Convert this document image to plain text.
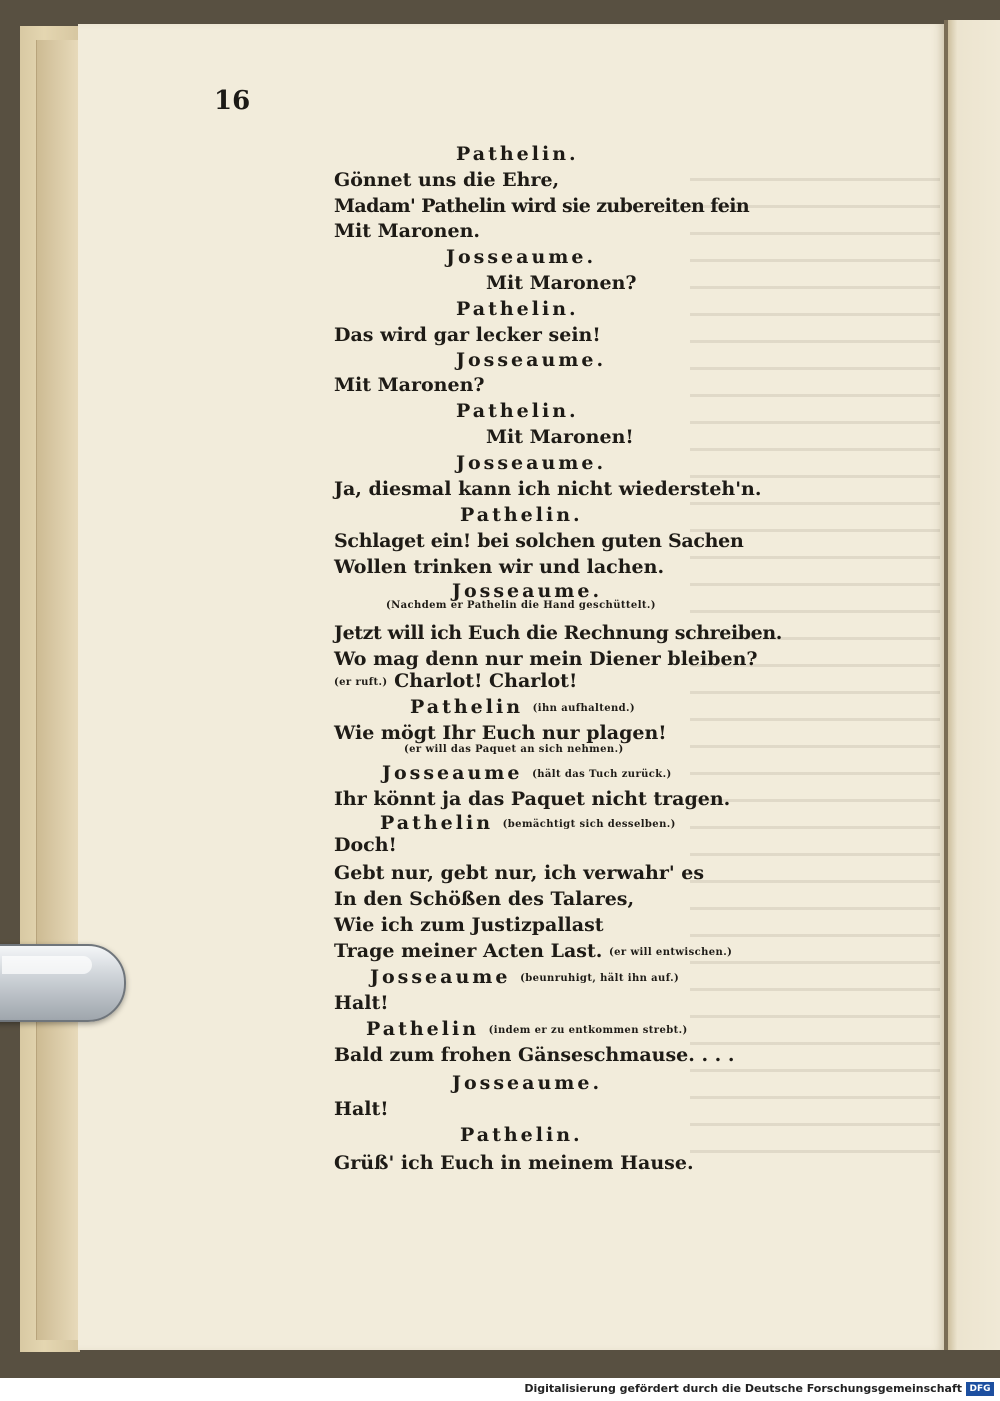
16
Pathelin.
Gönnet uns die Ehre,
Madam' Pathelin wird sie zubereiten fein
Mit Maronen.
Josseaume.
Mit Maronen?
Pathelin.
Das wird gar lecker sein!
Josseaume.
Mit Maronen?
Pathelin.
Mit Maronen!
Josseaume.
Ja, diesmal kann ich nicht wiedersteh'n.
Pathelin.
Schlaget ein! bei solchen guten Sachen
Wollen trinken wir und lachen.
Josseaume.
(Nachdem er Pathelin die Hand geschüttelt.)
Jetzt will ich Euch die Rechnung schreiben.
Wo mag denn nur mein Diener bleiben?
(er ruft.) Charlot! Charlot!
Pathelin (ihn aufhaltend.)
Wie mögt Ihr Euch nur plagen!
(er will das Paquet an sich nehmen.)
Josseaume (hält das Tuch zurück.)
Ihr könnt ja das Paquet nicht tragen.
Pathelin (bemächtigt sich desselben.)
Doch!
Gebt nur, gebt nur, ich verwahr' es
In den Schößen des Talares,
Wie ich zum Justizpallast
Trage meiner Acten Last. (er will entwischen.)
Josseaume (beunruhigt, hält ihn auf.)
Halt!
Pathelin (indem er zu entkommen strebt.)
Bald zum frohen Gänseschmause. . . .
Josseaume.
Halt!
Pathelin.
Grüß' ich Euch in meinem Hause.
Digitalisierung gefördert durch die Deutsche Forschungsgemeinschaft DFG
